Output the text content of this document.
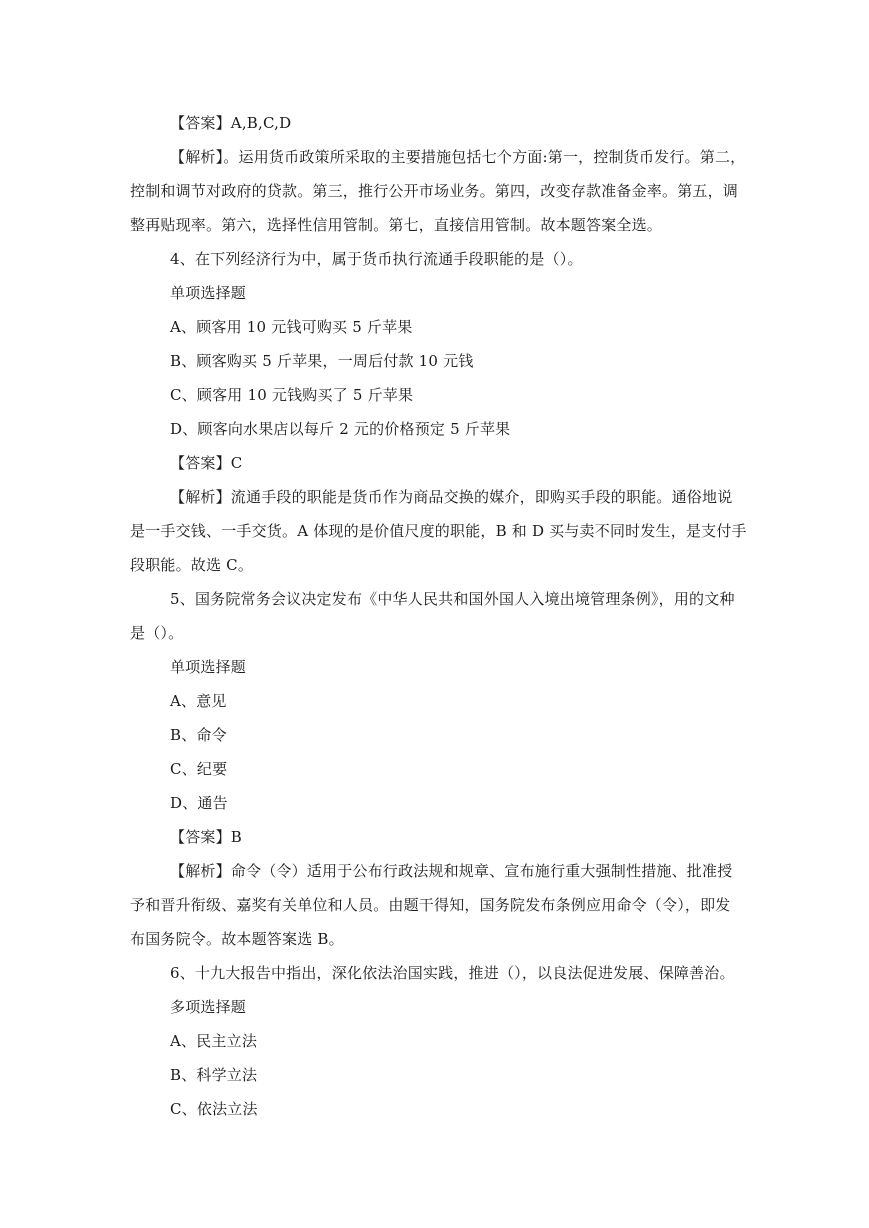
【答案】A,B,C,D
【解析】。运用货币政策所采取的主要措施包括七个方面:第一，控制货币发行。第二，
控制和调节对政府的贷款。第三，推行公开市场业务。第四，改变存款准备金率。第五，调
整再贴现率。第六，选择性信用管制。第七，直接信用管制。故本题答案全选。
4、在下列经济行为中，属于货币执行流通手段职能的是（）。
单项选择题
A、顾客用 10 元钱可购买 5 斤苹果
B、顾客购买 5 斤苹果，一周后付款 10 元钱
C、顾客用 10 元钱购买了 5 斤苹果
D、顾客向水果店以每斤 2 元的价格预定 5 斤苹果
【答案】C
【解析】流通手段的职能是货币作为商品交换的媒介，即购买手段的职能。通俗地说
是一手交钱、一手交货。A 体现的是价值尺度的职能，B 和 D 买与卖不同时发生，是支付手
段职能。故选 C。
5、国务院常务会议决定发布《中华人民共和国外国人入境出境管理条例》，用的文种
是（）。
单项选择题
A、意见
B、命令
C、纪要
D、通告
【答案】B
【解析】命令（令）适用于公布行政法规和规章、宣布施行重大强制性措施、批准授
予和晋升衔级、嘉奖有关单位和人员。由题干得知，国务院发布条例应用命令（令），即发
布国务院令。故本题答案选 B。
6、十九大报告中指出，深化依法治国实践，推进（），以良法促进发展、保障善治。
多项选择题
A、民主立法
B、科学立法
C、依法立法
